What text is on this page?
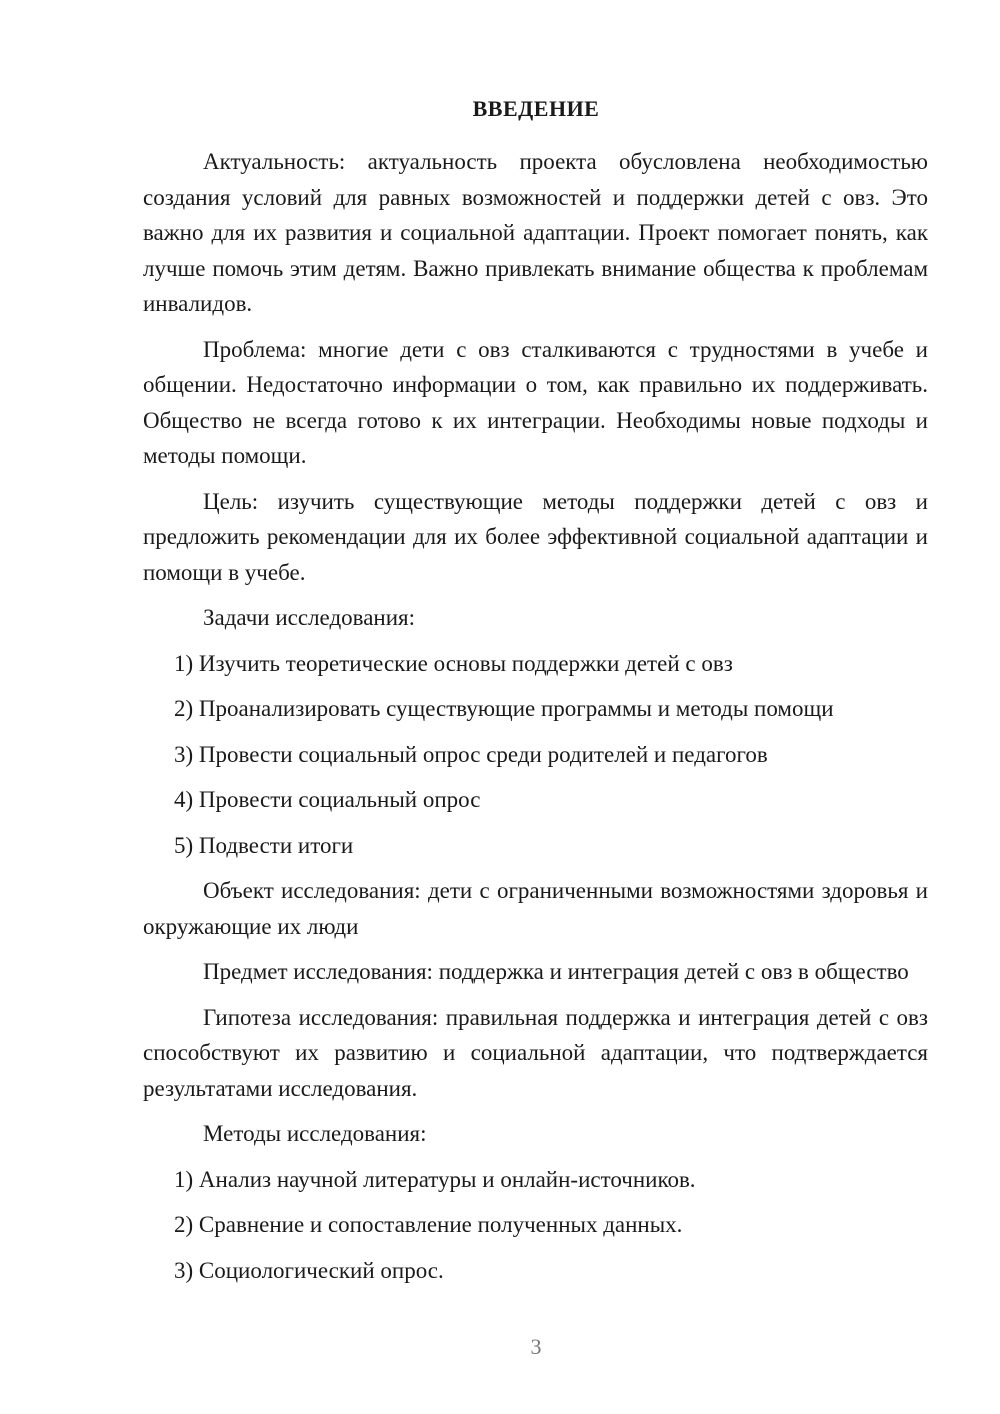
ВВЕДЕНИЕ

Актуальность: актуальность проекта обусловлена необходимостью создания условий для равных возможностей и поддержки детей с овз. Это важно для их развития и социальной адаптации. Проект помогает понять, как лучше помочь этим детям. Важно привлекать внимание общества к проблемам инвалидов.

Проблема: многие дети с овз сталкиваются с трудностями в учебе и общении. Недостаточно информации о том, как правильно их поддерживать. Общество не всегда готово к их интеграции. Необходимы новые подходы и методы помощи.

Цель: изучить существующие методы поддержки детей с овз и предложить рекомендации для их более эффективной социальной адаптации и помощи в учебе.

Задачи исследования:

1) Изучить теоретические основы поддержки детей с овз

2) Проанализировать существующие программы и методы помощи

3) Провести социальный опрос среди родителей и педагогов

4) Провести социальный опрос

5) Подвести итоги

Объект исследования: дети с ограниченными возможностями здоровья и окружающие их люди

Предмет исследования: поддержка и интеграция детей с овз в общество

Гипотеза исследования: правильная поддержка и интеграция детей с овз способствуют их развитию и социальной адаптации, что подтверждается результатами исследования.

Методы исследования:

1) Анализ научной литературы и онлайн-источников.

2) Сравнение и сопоставление полученных данных.

3) Социологический опрос.

3
